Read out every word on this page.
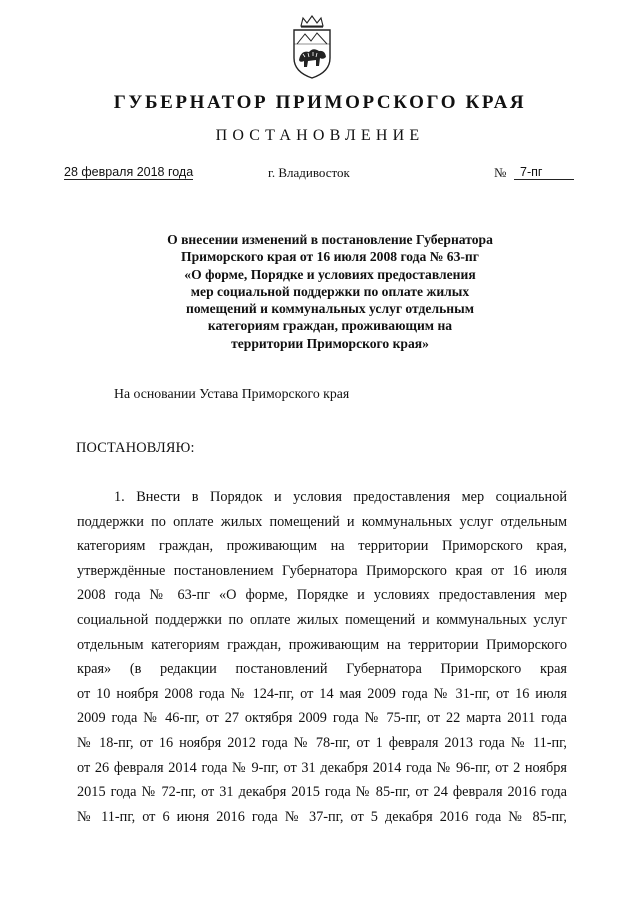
ГУБЕРНАТОР ПРИМОРСКОГО КРАЯ
ПОСТАНОВЛЕНИЕ
28 февраля 2018 года	г. Владивосток	№	7-пг
О внесении изменений в постановление Губернатора
Приморского края от 16 июля 2008 года № 63-пг
«О форме, Порядке и условиях предоставления
мер социальной поддержки по оплате жилых
помещений и коммунальных услуг отдельным
категориям граждан, проживающим на
территории Приморского края»
На основании Устава Приморского края
ПОСТАНОВЛЯЮ:
1. Внести в Порядок и условия предоставления мер социальной
поддержки по оплате жилых помещений и коммунальных услуг отдельным
категориям граждан, проживающим на территории Приморского края,
утверждённые постановлением Губернатора Приморского края от 16 июля
2008 года № 63-пг «О форме, Порядке и условиях предоставления мер
социальной поддержки по оплате жилых помещений и коммунальных услуг
отдельным категориям граждан, проживающим на территории Приморского
края» (в редакции постановлений Губернатора Приморского края
от 10 ноября 2008 года № 124-пг, от 14 мая 2009 года № 31-пг, от 16 июля
2009 года № 46-пг, от 27 октября 2009 года № 75-пг, от 22 марта 2011 года
№ 18-пг, от 16 ноября 2012 года № 78-пг, от 1 февраля 2013 года № 11-пг,
от 26 февраля 2014 года № 9-пг, от 31 декабря 2014 года № 96-пг, от 2 ноября
2015 года № 72-пг, от 31 декабря 2015 года № 85-пг, от 24 февраля 2016 года
№ 11-пг, от 6 июня 2016 года № 37-пг, от 5 декабря 2016 года № 85-пг,
